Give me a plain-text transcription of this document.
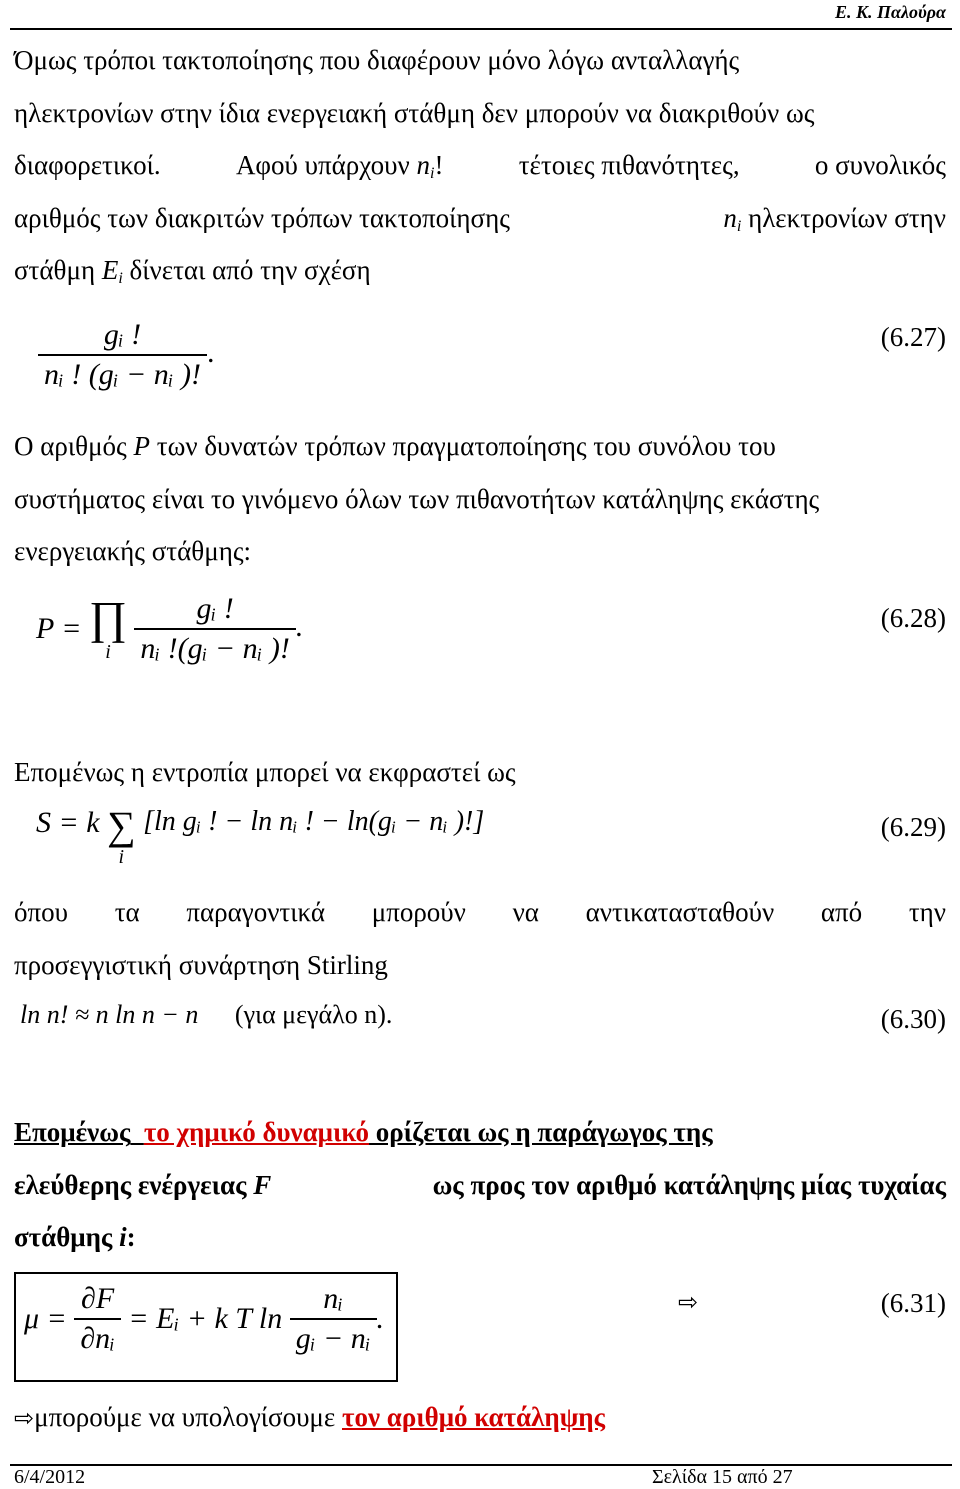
Ε. Κ. Παλούρα
Όμως τρόποι τακτοποίησης που διαφέρουν μόνο λόγω ανταλλαγής
ηλεκτρονίων στην ίδια ενεργειακή στάθμη δεν μπορούν να διακριθούν ως
διαφορετικοί.	Αφού υπάρχουν $n_i$!	τέτοιες πιθανότητες,	ο συνολικός
αριθμός των διακριτών τρόπων τακτοποίησης	$n_i$ ηλεκτρονίων στην
στάθμη $E_i$ δίνεται από την σχέση
$\frac{\text{gᵢ !}}{\text{nᵢ ! (gᵢ − nᵢ )!}}$ .	(6.27)
Ο αριθμός P των δυνατών τρόπων πραγματοποίησης του συνόλου του
συστήματος είναι το γινόμενο όλων των πιθανοτήτων κατάληψης εκάστης
ενεργειακής στάθμης:
P = ∏
i
$\frac{\text{gᵢ !}}{\text{nᵢ !(gᵢ − nᵢ )!}}$ .	(6.28)
Επομένως η εντροπία μπορεί να εκφραστεί ως
S = k ∑
i
[ln gᵢ ! − ln nᵢ ! − ln(gᵢ − nᵢ )!]	(6.29)
όπου τα παραγοντικά μπορούν να αντικατασταθούν από την
προσεγγιστική συνάρτηση Stirling
ln n! ≈ n ln n − n (για μεγάλο n).	(6.30)
Επομένως
το χημικό δυναμικό ορίζεται ως η παράγωγος της
ελεύθερης ενέργειας F	ως προς τον αριθμό κατάληψης μίας τυχαίας
στάθμης i:
$\mu = \frac{\partial F}{\text{∂nᵢ}}$ = Eᵢ + k T $\ln \frac{\text{nᵢ}}{\text{gᵢ − nᵢ}}$ .	⇨	(6.31)
⇨μπορούμε να υπολογίσουμε τον αριθμό κατάληψης
6/4/2012	Σελίδα 15 από 27
